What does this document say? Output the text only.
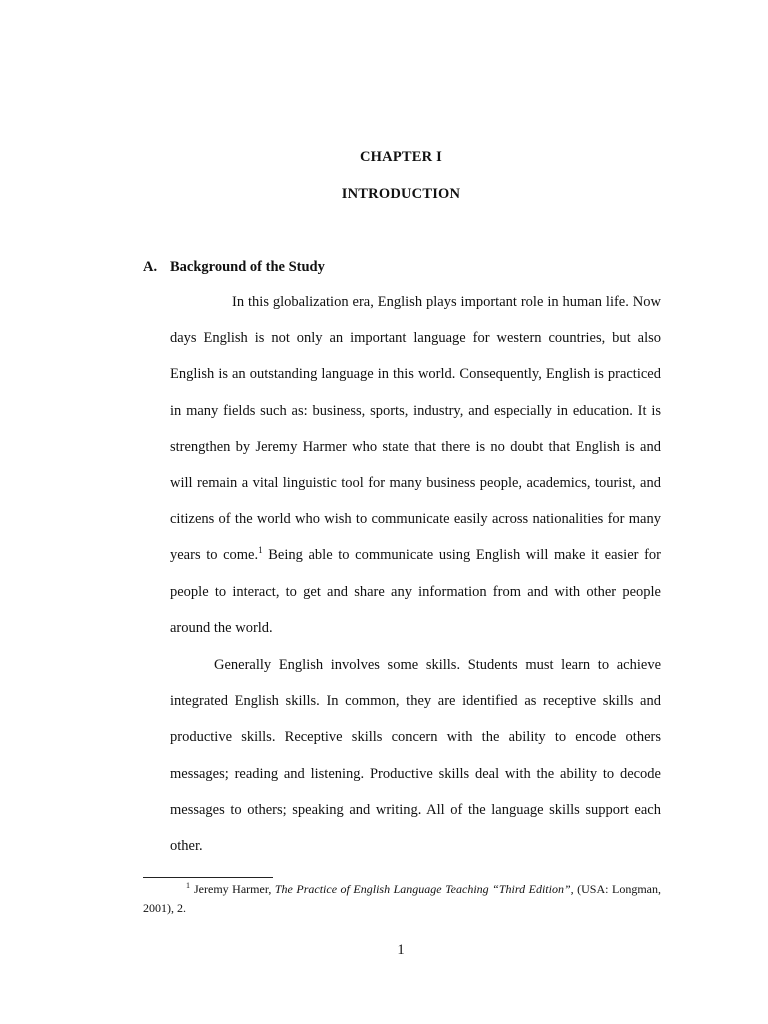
CHAPTER I
INTRODUCTION
A. Background of the Study

In this globalization era, English plays important role in human life. Now days English is not only an important language for western countries, but also English is an outstanding language in this world. Consequently, English is practiced in many fields such as: business, sports, industry, and especially in education. It is strengthen by Jeremy Harmer who state that there is no doubt that English is and will remain a vital linguistic tool for many business people, academics, tourist, and citizens of the world who wish to communicate easily across nationalities for many years to come.$^1$ Being able to communicate using English will make it easier for people to interact, to get and share any information from and with other people around the world.

Generally English involves some skills. Students must learn to achieve integrated English skills. In common, they are identified as receptive skills and productive skills. Receptive skills concern with the ability to encode others messages; reading and listening. Productive skills deal with the ability to decode messages to others; speaking and writing. All of the language skills support each other.

$^1$ Jeremy Harmer, The Practice of English Language Teaching “Third Edition”, (USA: Longman, 2001), 2.

1
